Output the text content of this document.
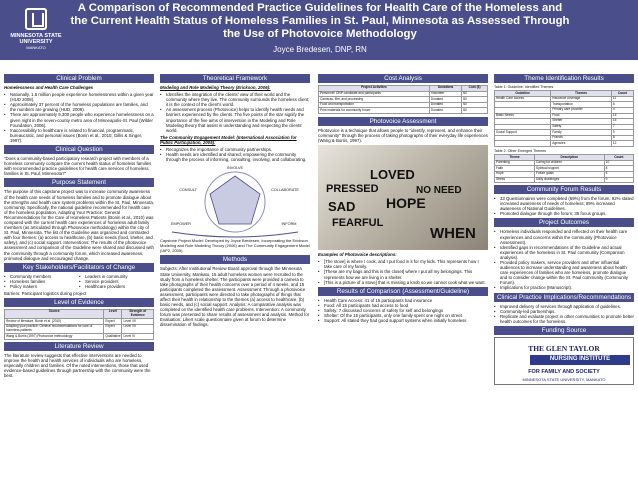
MINNESOTA STATE
UNIVERSITY
MANKATO
A Comparison of Recommended Practice Guidelines for Health Care of the Homeless and the Current Health Status of Homeless Families in St. Paul, Minnesota as Assessed Through the Use of Photovoice Methodology
Joyce Bredesen, DNP, RN
Clinical Problem
Homelessness and Health Care Challenges
• Nationally, 1.5 million people experience homelessness within a given year (HUD 2008).
• Approximately 37 percent of the homeless populations are families, and the numbers are growing (HUD, 2009).
• There are approximately 9,300 people who experience homelessness on a given night in the seven-county metro area of Minneapolis-St. Paul (Wilder Foundation, 2006).
• Inaccessibility to healthcare is related to financial, programmatic, bureaucratic, and personal issues (Bonin et al., 2010; Gillis & Singer, 1997).
Clinical Question
"Does a community-based participatory research project with members of a homeless community compare the current health status of homeless families with recommended practice guidelines for health care services of homeless families in St. Paul, Minnesota?"
Purpose Statement
The purpose of this capstone project was to increase community awareness of the health care needs of homeless families and to promote dialogue about the strengths and health care system problems within the St. Paul, Minnesota, community. Specifically, the national guideline recommended for health care of the homeless population, Adapting Your Practice: General Recommendations for the Care of Homeless Patients (Bonin et al., 2010) was compared with the current health care experiences of homeless adult family members (as articulated through Photovoice methodology) within the city of St. Paul, Minnesota. The list of the Guideline was organized and contrasted with four themes: (a) access to healthcare, (b) basic needs (food, shelter, and safety), and (c) social support. Interventions: The results of the photovoice assessment and comparison of the Guideline were shared and discussed with the community through a community forum, which increased awareness, promoted dialogue and encouraged change.
Key Stakeholders/Facilitators of Change
• Community members
• Homeless families
• Policy makers
• Leaders in community
• Service providers
• Healthcare providers
Barriers: Participant logistics during project
Level of Evidence
Source	Level	Strength of Evidence
Review of literature, Bonin et al. (2010)	Expert	Level VII
Adapting your practice: General recommendations for care of homeless patients	Expert	Level VII
Wang & Burris (1997) Photovoice methodology	Qualitative	Level VI
Literature Review
The literature review suggests that effective interventions are needed to improve the health and health services of individuals who are homeless, especially children and families. Of the noted interventions, those that used evidence-based guidelines through partnership with the community were the best.
Theoretical Framework
Modeling and Role Modeling Theory (Erickson, 2006):
• Identifies the integration of the clients' view of their world and the community where they live. The community surrounds the homeless client; it is the context of the client's world.
• An assessment process (Photovoice) helps to identify health needs and barriers experienced by the clients. The five points of the star signify the importance of the five aims of intervention in the Modeling and Role Modeling theory that assist in understanding and respecting the clients' world.
The Community Engagement Model: (International Association for Public Participation, 2005):
• Recognizes the importance of community partnerships.
• Health needs are identified and shared, empowering the community through the process of informing, consulting, involving, and collaborating.
INVOLVE
CONSULT	COLLABORATE
EMPOWER	INFORM
Capstone Project Model: Developed by Joyce Bredesen, Incorporating the Erickson Modeling and Role Modeling Theory (2006) and The Community Engagement Model (IAP2, 2005).
Methods
Subjects: After Institutional Review Board approval through the Minnesota State University, Mankato, 15 adult homeless women were recruited to the study from a homeless shelter. The participants were provided a camera to take photographs of their health concerns over a period of 4 weeks, and 15 participants completed the assessment. Assessment: Through a photovoice assessment, participants were directed to take photographs of things that affect their health in relationship to the themes (a) access to healthcare, (b) basic needs, and (c) social support. Analysis: A comparative analysis was completed on the identified health care problems. Intervention: A community forum was presented to share results of assessment and analysis. Method for Evaluation: Likert scale questionnaire given at forum to determine dissemination of findings.
Cost Analysis
Project Activities	Donations	Cost ($)
Personnel: DNP candidate and participants	Volunteer	$0
Cameras, film, and processing	Donated	$0
Food and transportation	Donated	$0
Print materials for community forum	Donated	$0
Photovoice Assessment
Photovoice is a technique that allows people to "identify, represent, and enhance their community" through the process of taking photographs of their everyday life experiences (Wang & Burris, 1997).
LOVED
PRESSED
SAD
NO NEED
HOPE
FEARFUL
WHEN
Examples of Photovoice descriptions:
• [The stove] is where I cook, and I put food in it for my kids. This represents how I take care of my family.
• [These are my bags and this is the closet] where I put all my belongings. This represents how we are living in a shelter.
• [This is a picture of a stove] that is missing a knob so we cannot cook what we want.
Results of Comparison (Assessment/Guideline)
• Health Care Access: 41 of 15 participants had insurance
• Food: All 15 participants had access to food
• Safety: 7 discussed concerns of safety for self and belongings
• Shelter: Of the 15 participants, only one family spent one night on street
• Support: All stated they had good support systems when initially homeless
Theme Identification Results
Table 1. Guideline: Identified Themes
Guideline	Themes	Count
Health Care Access	Insurance coverage	11
	Transportation	6
	Primary care provider	4
Basic Needs	Food	15
	Shelter	15
	Safety	7
Social Support	Family	9
	Friends	8
	Agencies	12
Table 2. Other Emerged Themes
Theme	Description	Count
Parenting	Caring for children	10
Faith	Spiritual support	8
Hope	Future goals	6
Stress	Daily challenges	9
Community Forum Results
• 33 Questionnaires were completed (69%) from the forum: 92% stated increased awareness of needs of homeless; 89% increased awareness of National Guidelines.
• Promoted dialogue through the forum; 35 focus groups.
Project Outcomes
• Homeless individuals responded and reflected on their health care experiences and concerns within the community (Photovoice Assessment).
• Identified gaps in recommendations of the Guideline and actual experiences of the homeless in St. Paul community (Comparison analysis).
• Provided policy makers, service providers and other influential audiences to increase understanding and awareness about health care experiences of families who are homeless, promote dialogue and to consider change within the St. Paul community (Community Forum).
• Implications for practice (Manuscript).
Clinical Practice Implications/Recommendations
• Improved delivery of services through application of guidelines.
• Community-led partnerships.
• Replicate and evaluate project in other communities to promote better health outcomes for the homeless.
Funding Source
THE GLEN TAYLOR
NURSING INSTITUTE
FOR FAMILY AND SOCIETY
MINNESOTA STATE UNIVERSITY, MANKATO
